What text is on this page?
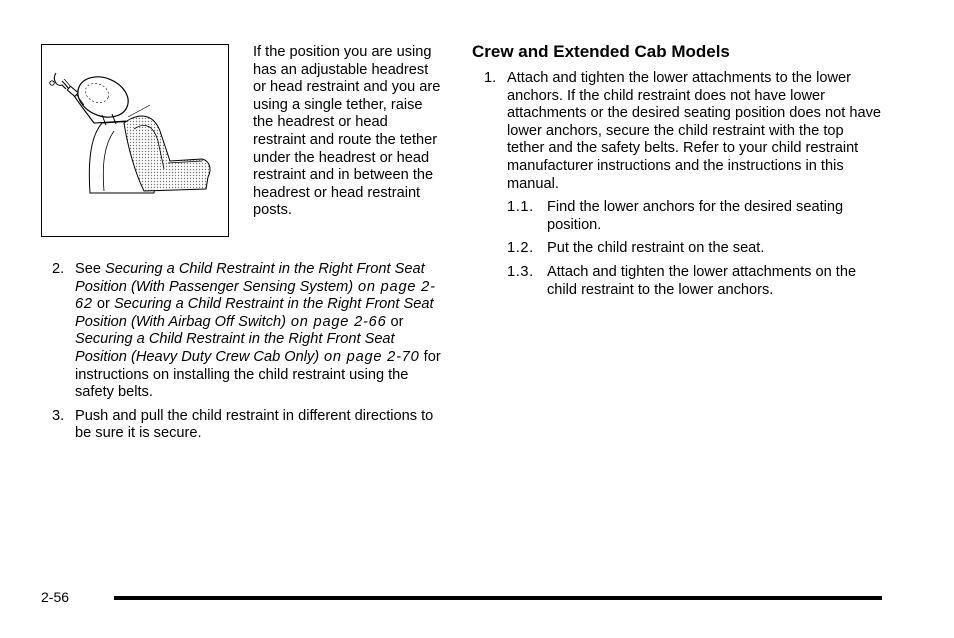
If the position you are using has an adjustable headrest or head restraint and you are using a single tether, raise the headrest or head restraint and route the tether under the headrest or head restraint and in between the headrest or head restraint posts.
2. See Securing a Child Restraint in the Right Front Seat Position (With Passenger Sensing System) on page 2-62 or Securing a Child Restraint in the Right Front Seat Position (With Airbag Off Switch) on page 2-66 or Securing a Child Restraint in the Right Front Seat Position (Heavy Duty Crew Cab Only) on page 2-70 for instructions on installing the child restraint using the safety belts.
3. Push and pull the child restraint in different directions to be sure it is secure.
Crew and Extended Cab Models
1. Attach and tighten the lower attachments to the lower anchors. If the child restraint does not have lower attachments or the desired seating position does not have lower anchors, secure the child restraint with the top tether and the safety belts. Refer to your child restraint manufacturer instructions and the instructions in this manual.
1.1. Find the lower anchors for the desired seating position.
1.2. Put the child restraint on the seat.
1.3. Attach and tighten the lower attachments on the child restraint to the lower anchors.
2-56
